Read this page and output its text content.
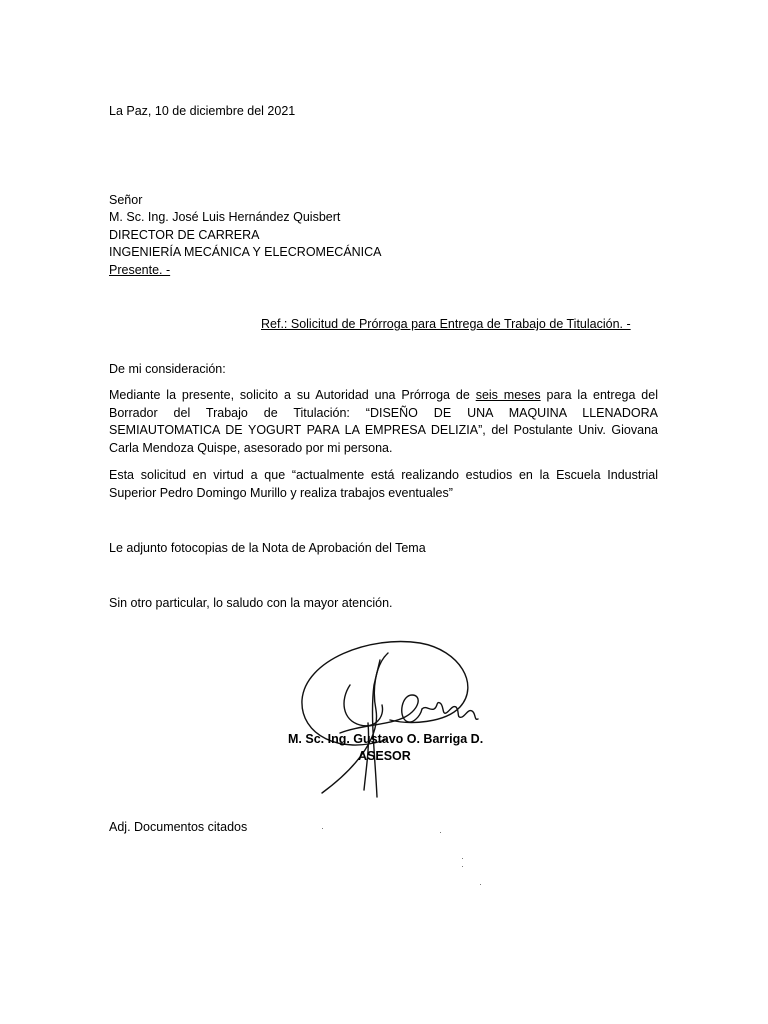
La Paz, 10 de diciembre del 2021
Señor
M. Sc. Ing. José Luis Hernández Quisbert
DIRECTOR DE CARRERA
INGENIERÍA MECÁNICA Y ELECROMECÁNICA
Presente. -
Ref.: Solicitud de Prórroga para Entrega de Trabajo de Titulación. -
De mi consideración:
Mediante la presente, solicito a su Autoridad una Prórroga de seis meses para la entrega del Borrador del Trabajo de Titulación: “DISEÑO DE UNA MAQUINA LLENADORA SEMIAUTOMATICA DE YOGURT PARA LA EMPRESA DELIZIA”, del Postulante Univ. Giovana Carla Mendoza Quispe, asesorado por mi persona.
Esta solicitud en virtud a que “actualmente está realizando estudios en la Escuela Industrial Superior Pedro Domingo Murillo y realiza trabajos eventuales”
Le adjunto fotocopias de la Nota de Aprobación del Tema
Sin otro particular, lo saludo con la mayor atención.
M. Sc. Ing. Gustavo O. Barriga D.
ASESOR
Adj. Documentos citados
